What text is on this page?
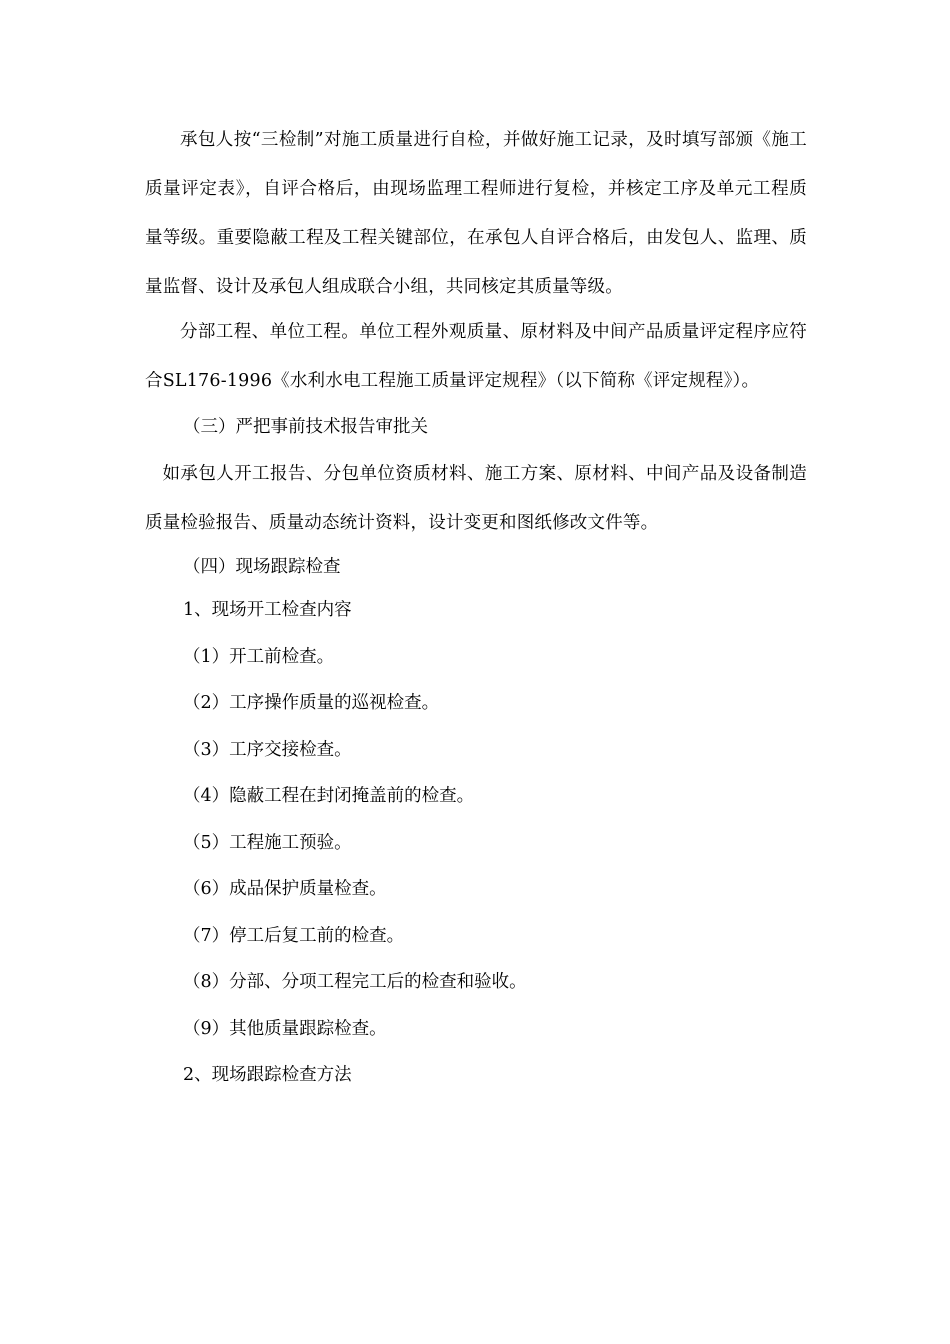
承包人按“三检制”对施工质量进行自检，并做好施工记录，及时填写部颁《施工质量评定表》，自评合格后，由现场监理工程师进行复检，并核定工序及单元工程质量等级。重要隐蔽工程及工程关键部位，在承包人自评合格后，由发包人、监理、质量监督、设计及承包人组成联合小组，共同核定其质量等级。

分部工程、单位工程。单位工程外观质量、原材料及中间产品质量评定程序应符合SL176-1996《水利水电工程施工质量评定规程》（以下简称《评定规程》）。

（三）严把事前技术报告审批关

如承包人开工报告、分包单位资质材料、施工方案、原材料、中间产品及设备制造质量检验报告、质量动态统计资料，设计变更和图纸修改文件等。

（四）现场跟踪检查

1、现场开工检查内容

（1）开工前检查。

（2）工序操作质量的巡视检查。

（3）工序交接检查。

（4）隐蔽工程在封闭掩盖前的检查。

（5）工程施工预验。

（6）成品保护质量检查。

（7）停工后复工前的检查。

（8）分部、分项工程完工后的检查和验收。

（9）其他质量跟踪检查。

2、现场跟踪检查方法
